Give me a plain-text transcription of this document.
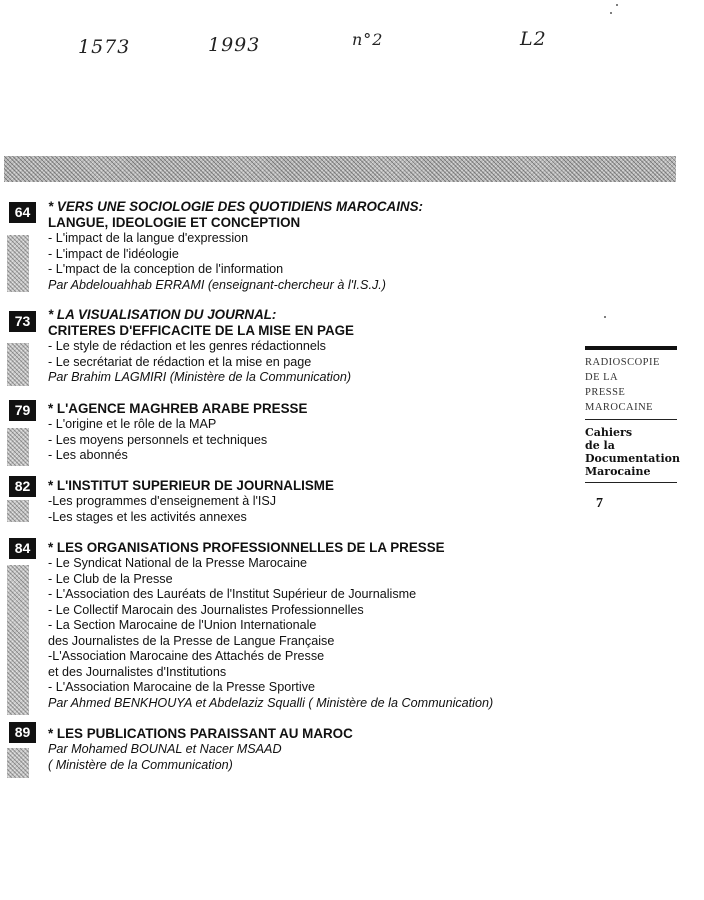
1573	1993	n°2	L2
64	* VERS UNE SOCIOLOGIE DES QUOTIDIENS MAROCAINS:
LANGUE, IDEOLOGIE ET CONCEPTION
- L'impact de la langue d'expression
- L'impact de l'idéologie
- L'mpact de la conception de l'information
Par Abdelouahhab ERRAMI (enseignant-chercheur à l'I.S.J.)
73	* LA VISUALISATION DU JOURNAL:
CRITERES D'EFFICACITE DE LA MISE EN PAGE
- Le style de rédaction et les genres rédactionnels
- Le secrétariat de rédaction et la mise en page
Par Brahim LAGMIRI (Ministère de la Communication)
79	* L'AGENCE MAGHREB ARABE PRESSE
- L'origine et le rôle de la MAP
- Les moyens personnels et techniques
- Les abonnés
82	* L'INSTITUT SUPERIEUR DE JOURNALISME
-Les programmes d'enseignement à l'ISJ
-Les stages et les activités annexes
84	* LES ORGANISATIONS PROFESSIONNELLES DE LA PRESSE
- Le Syndicat National de la Presse Marocaine
- Le Club de la Presse
- L'Association des Lauréats de l'Institut Supérieur de Journalisme
- Le Collectif Marocain des Journalistes Professionnelles
- La Section Marocaine de l'Union Internationale
des Journalistes de la Presse de Langue Française
-L'Association Marocaine des Attachés de Presse
et des Journalistes d'Institutions
- L'Association Marocaine de la Presse Sportive
Par Ahmed BENKHOUYA et Abdelaziz Squalli ( Ministère de la Communication)
89	* LES PUBLICATIONS PARAISSANT AU MAROC
Par Mohamed BOUNAL et Nacer MSAAD
( Ministère de la Communication)
RADIOSCOPIE
DE LA
PRESSE
MAROCAINE
Cahiers
de la
Documentation
Marocaine
7
